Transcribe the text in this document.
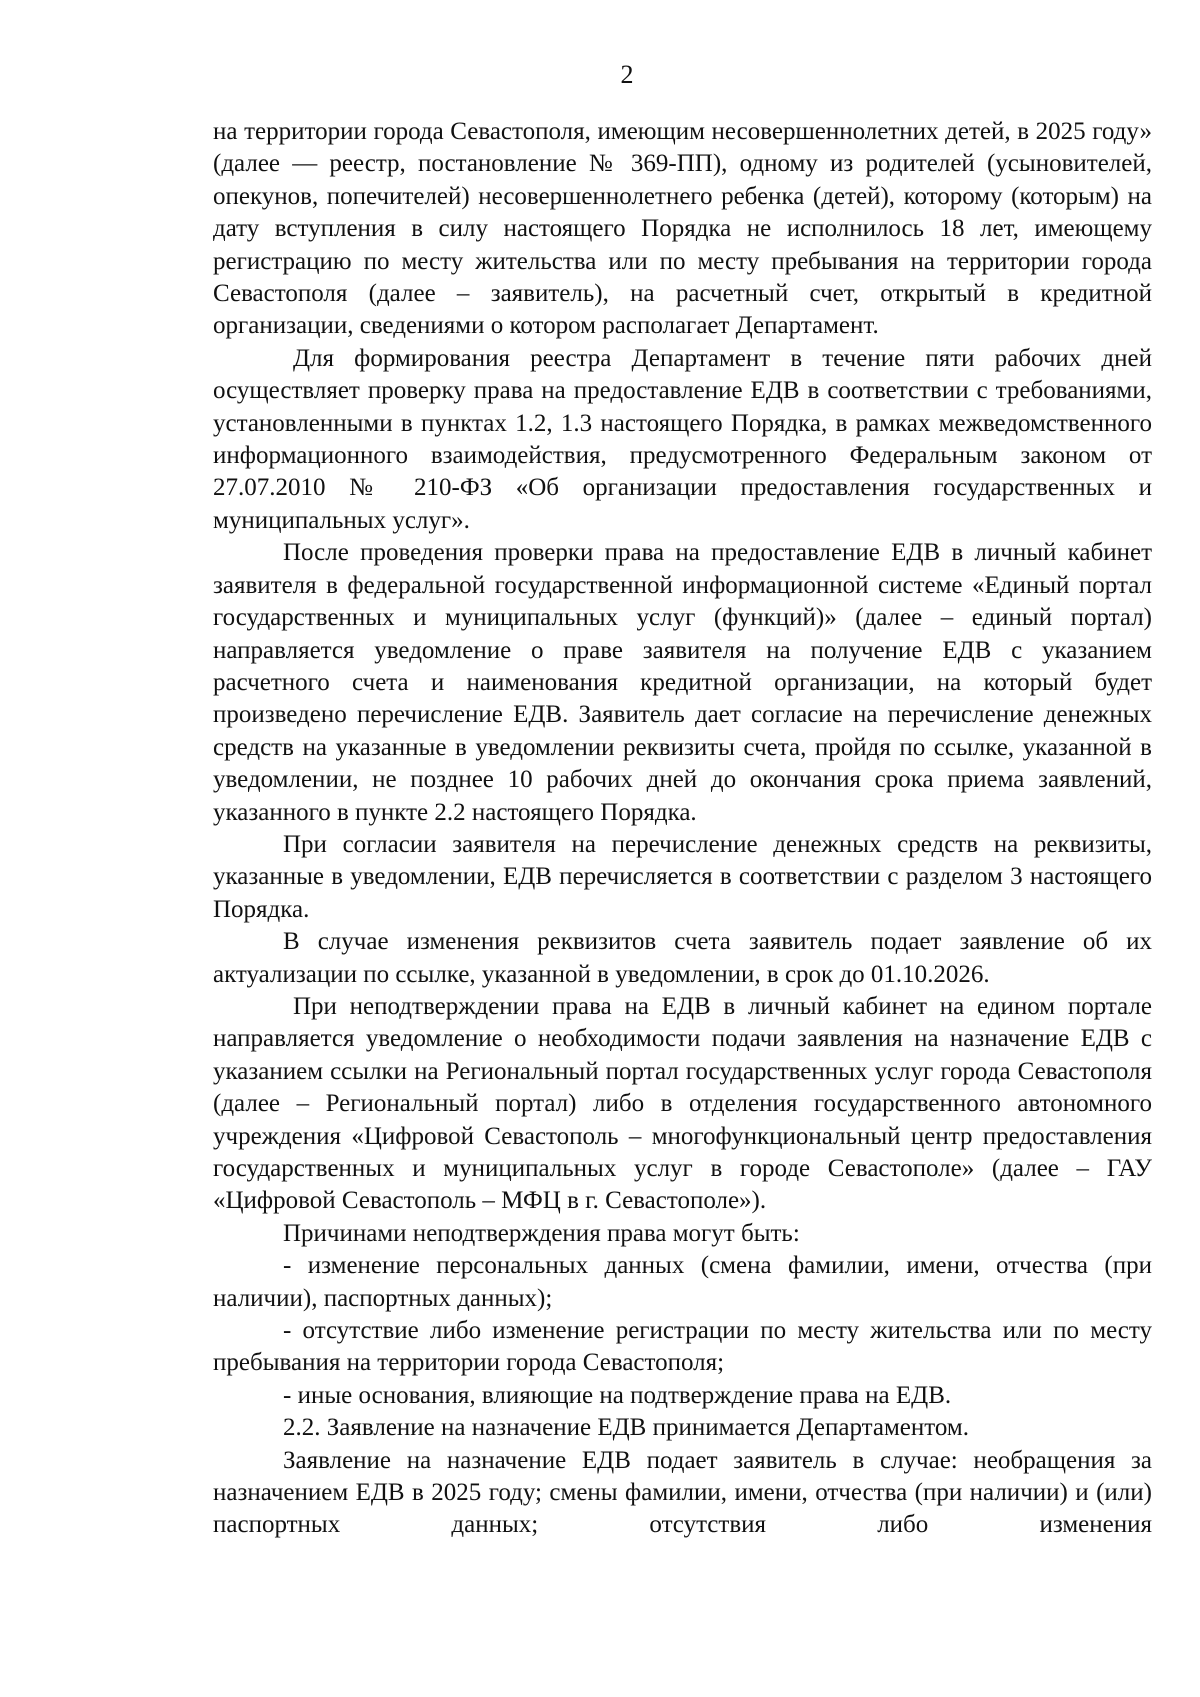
2

на территории города Севастополя, имеющим несовершеннолетних детей, в 2025 году» (далее — реестр, постановление № 369-ПП), одному из родителей (усыновителей, опекунов, попечителей) несовершеннолетнего ребенка (детей), которому (которым) на дату вступления в силу настоящего Порядка не исполнилось 18 лет, имеющему регистрацию по месту жительства или по месту пребывания на территории города Севастополя (далее – заявитель), на расчетный счет, открытый в кредитной организации, сведениями о котором располагает Департамент.

Для формирования реестра Департамент в течение пяти рабочих дней осуществляет проверку права на предоставление ЕДВ в соответствии с требованиями, установленными в пунктах 1.2, 1.3 настоящего Порядка, в рамках межведомственного информационного взаимодействия, предусмотренного Федеральным законом от 27.07.2010 № 210-ФЗ «Об организации предоставления государственных и муниципальных услуг».

После проведения проверки права на предоставление ЕДВ в личный кабинет заявителя в федеральной государственной информационной системе «Единый портал государственных и муниципальных услуг (функций)» (далее – единый портал) направляется уведомление о праве заявителя на получение ЕДВ с указанием расчетного счета и наименования кредитной организации, на который будет произведено перечисление ЕДВ. Заявитель дает согласие на перечисление денежных средств на указанные в уведомлении реквизиты счета, пройдя по ссылке, указанной в уведомлении, не позднее 10 рабочих дней до окончания срока приема заявлений, указанного в пункте 2.2 настоящего Порядка.

При согласии заявителя на перечисление денежных средств на реквизиты, указанные в уведомлении, ЕДВ перечисляется в соответствии с разделом 3 настоящего Порядка.

В случае изменения реквизитов счета заявитель подает заявление об их актуализации по ссылке, указанной в уведомлении, в срок до 01.10.2026.

При неподтверждении права на ЕДВ в личный кабинет на едином портале направляется уведомление о необходимости подачи заявления на назначение ЕДВ с указанием ссылки на Региональный портал государственных услуг города Севастополя (далее – Региональный портал) либо в отделения государственного автономного учреждения «Цифровой Севастополь – многофункциональный центр предоставления государственных и муниципальных услуг в городе Севастополе» (далее – ГАУ «Цифровой Севастополь – МФЦ в г. Севастополе»).

Причинами неподтверждения права могут быть:

- изменение персональных данных (смена фамилии, имени, отчества (при наличии), паспортных данных);

- отсутствие либо изменение регистрации по месту жительства или по месту пребывания на территории города Севастополя;

- иные основания, влияющие на подтверждение права на ЕДВ.

2.2. Заявление на назначение ЕДВ принимается Департаментом.

Заявление на назначение ЕДВ подает заявитель в случае: необращения за назначением ЕДВ в 2025 году; смены фамилии, имени, отчества (при наличии) и (или) паспортных данных; отсутствия либо изменения
